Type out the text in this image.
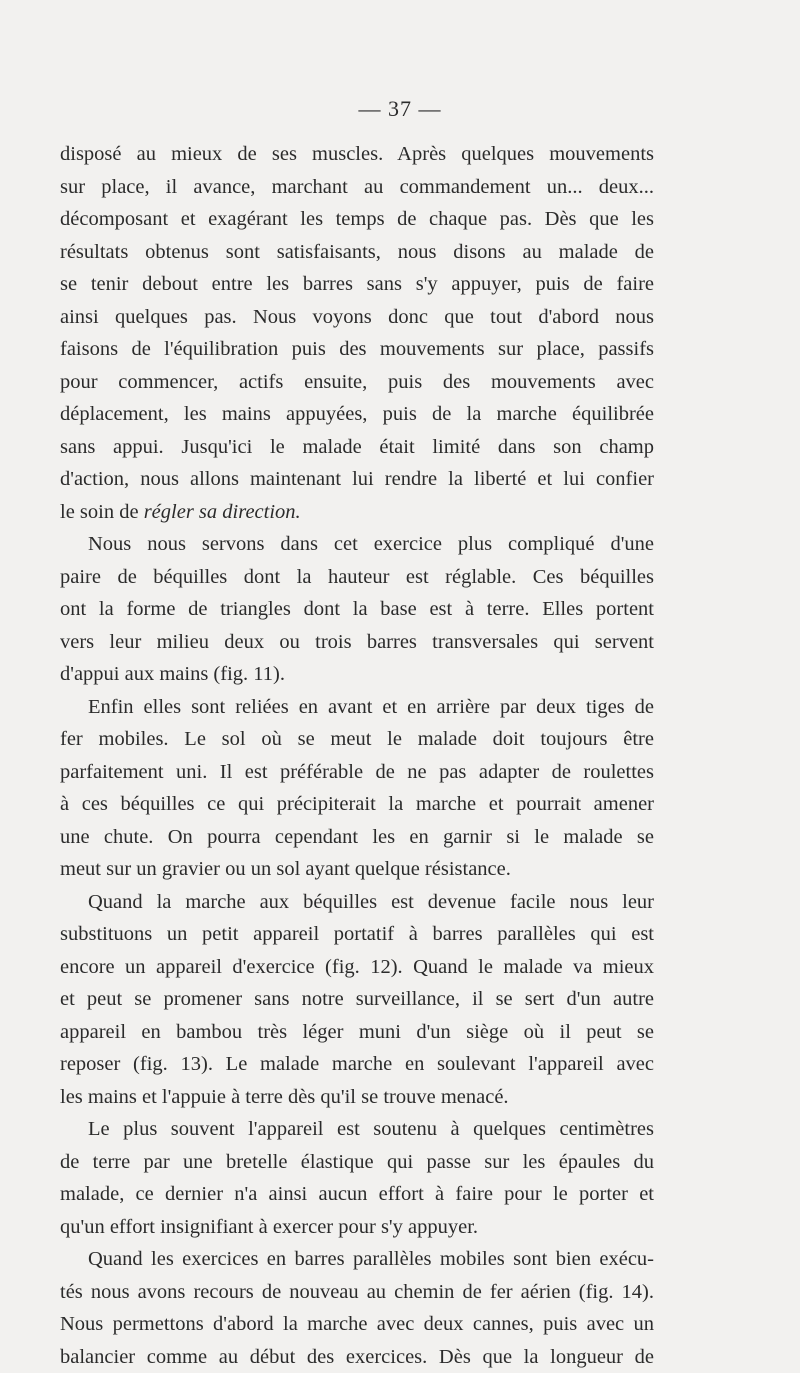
— 37 —
disposé au mieux de ses muscles. Après quelques mouvements
sur place, il avance, marchant au commandement un... deux...
décomposant et exagérant les temps de chaque pas. Dès que les
résultats obtenus sont satisfaisants, nous disons au malade de
se tenir debout entre les barres sans s'y appuyer, puis de faire
ainsi quelques pas. Nous voyons donc que tout d'abord nous
faisons de l'équilibration puis des mouvements sur place, passifs
pour commencer, actifs ensuite, puis des mouvements avec
déplacement, les mains appuyées, puis de la marche équilibrée
sans appui. Jusqu'ici le malade était limité dans son champ
d'action, nous allons maintenant lui rendre la liberté et lui confier
le soin de régler sa direction.
Nous nous servons dans cet exercice plus compliqué d'une
paire de béquilles dont la hauteur est réglable. Ces béquilles
ont la forme de triangles dont la base est à terre. Elles portent
vers leur milieu deux ou trois barres transversales qui servent
d'appui aux mains (fig. 11).
Enfin elles sont reliées en avant et en arrière par deux tiges de
fer mobiles. Le sol où se meut le malade doit toujours être
parfaitement uni. Il est préférable de ne pas adapter de roulettes
à ces béquilles ce qui précipiterait la marche et pourrait amener
une chute. On pourra cependant les en garnir si le malade se
meut sur un gravier ou un sol ayant quelque résistance.
Quand la marche aux béquilles est devenue facile nous leur
substituons un petit appareil portatif à barres parallèles qui est
encore un appareil d'exercice (fig. 12). Quand le malade va mieux
et peut se promener sans notre surveillance, il se sert d'un autre
appareil en bambou très léger muni d'un siège où il peut se
reposer (fig. 13). Le malade marche en soulevant l'appareil avec
les mains et l'appuie à terre dès qu'il se trouve menacé.
Le plus souvent l'appareil est soutenu à quelques centimètres
de terre par une bretelle élastique qui passe sur les épaules du
malade, ce dernier n'a ainsi aucun effort à faire pour le porter et
qu'un effort insignifiant à exercer pour s'y appuyer.
Quand les exercices en barres parallèles mobiles sont bien exécu-
tés nous avons recours de nouveau au chemin de fer aérien (fig. 14).
Nous permettons d'abord la marche avec deux cannes, puis avec un
balancier comme au début des exercices. Dès que la longueur de
